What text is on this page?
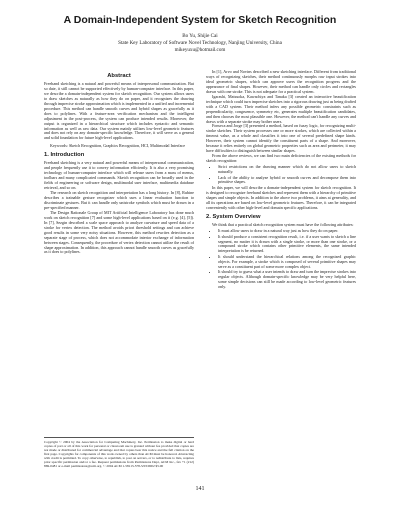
A Domain-Independent System for Sketch Recognition
Bo Yu, Shijie Cai
State Key Laboratory of Software Novel Technology, Nanjing University, China
mikeyuxu@hotmail.com
Abstract

Freehand sketching is a natural and powerful means of interpersonal communication. But so date, it still cannot be supported effectively by human-computer interface. In this paper, we describe a domain-independent system for sketch recognition. Our system allows users to draw sketches as naturally as how they do on paper, and it recognizes the drawing through imprecise stroke approximation which is implemented in a unified and incremental procedure. This method can handle smooth curves and hybrid shapes as gracefully as it does to polylines. With a feature-area verification mechanism and the intelligent adjustment in the post-process, the system can produce intended results. Moreover, the output is organized in a hierarchical structure which includes syntactic and semantic information as well as raw data. Our system mainly utilizes low-level geometric features and does not rely on any domain-specific knowledge. Therefore, it will serve as a general and solid foundation for future high-level applications.

Keywords: Sketch Recognition, Graphics Recognition, HCI, Multimodal Interface

1. Introduction

Freehand sketching is a very natural and powerful means of interpersonal communication, and people frequently use it to convey information efficiently. It is also a very promising technology of human-computer interface which will release users from a mass of menus, toolbars and many complicated commands. Sketch recognition can be broadly used in the fields of engineering or software design, multimodal user interface, multimedia database retrieval, and so on.

The research on sketch recognition and interpretation has a long history. In [8], Rubine describes a trainable gesture recognizer which uses a linear evaluation function to discriminate gestures. But it can handle only unistroke symbols which must be drawn in a pre-specified manner.

The Design Rationale Group of MIT Artificial Intelligence Laboratory has done much work on sketch recognition [7] and some high-level applications based on it (e.g. [4], [5]). In [7], Sezgin described a scale space approach to analyze curvature and speed data of a stroke for vertex detection. The method avoids priori threshold settings and can achieve good results in some very noisy situations. However, this method rewrites detection as a separate stage of process, which does not accommodate interior exchange of information between stages. Consequently, the procedure of vertex detection cannot utilize the result of shape approximation. In addition, this approach cannot handle smooth curves as gracefully as it does to polylines.

Copyright © 2004 by the Association for Computing Machinery, Inc. Permission to make digital or hard copies of part or all of this work for personal or classroom use is granted without fee provided that copies are not made or distributed for commercial advantage and that copies bear this notice and the full citation on the first page. Copyrights for components of this work owned by others than ACM must be honored. Abstracting with credit is permitted. To copy otherwise, to republish, to post on servers, or to redistribute to lists, requires prior specific permission and/or a fee. Request permissions from Permissions Dept, ACM Inc., fax +1 (212) 869-0481 or e-mail permissions@acm.org. © 2004 ACM 1-58113-578-5/03/0002 $5.00

In [1], Arvo and Novins described a new sketching interface. Different from traditional ways of recognizing sketches, their method continuously morphs raw input strokes into ideal geometric shapes, which can approve users the recognition progress and the appearance of final shapes. However, their method can handle only circles and rectangles drawn with one stroke. This is not adequate for a practical system.

Igarashi, Matsuoka, Kawachiya and Tanaka [3] created an interactive beautification technique which could turn imprecise sketches into a rigorous drawing just as being drafted with a CAD system. Their method infers any possible geometric constraints such as perpendicularity, congruence, symmetry etc, generates multiple beautification candidates, and then chooses the most plausible one. However, the method can't handle any curves and draws with a separate stroke may bother users.

Fonseca and Jorge [3] presented a method, based on fuzzy logic, for recognizing multi-stroke sketches. Their system processes one or more strokes, which are collected within a timeout value, as a whole and classifies it into one of several predefined shape kinds. However, their system cannot identify the constituent parts of a shape. And moreover, because it relies entirely on global geometric properties such as area and perimeter, it may have difficulties to distinguish between similar shapes.

From the above reviews, we can find two main deficiencies of the existing methods for sketch recognition:

• Strict restrictions on the drawing manner which do not allow users to sketch naturally.
• Lack of the ability to analyze hybrid or smooth curves and decompose them into primitive shapes.

In this paper, we will describe a domain-independent system for sketch recognition. It is designed to recognize freehand sketches and represent them with a hierarchy of primitive shapes and simple objects. In addition to the above two problems, it aims at generality, and all its operations are based on low-level geometric features. Therefore, it can be integrated conveniently with other high-level and domain specific applications.

2. System Overview

We think that a practical sketch recognition system must have the following attributes:

• It must allow users to draw in a natural way just as how they do on paper.
• It should produce a consistent recognition result, i.e. if a user wants to sketch a line segment, no matter it is drawn with a single stroke, or more than one stroke, or a compound stroke which contains other primitive elements, the same intended interpretation is be returned.
• It should understand the hierarchical relations among the recognized graphic objects. For example, a stroke which is composed of several primitive shapes may serve as a constituent part of some more complex object.
• It should try to guess what a user intends to draw and turn the imprecise strokes into regular objects. Although domain-specific knowledge may be very helpful here, some simple decisions can still be made according to low-level geometric features only.
141
